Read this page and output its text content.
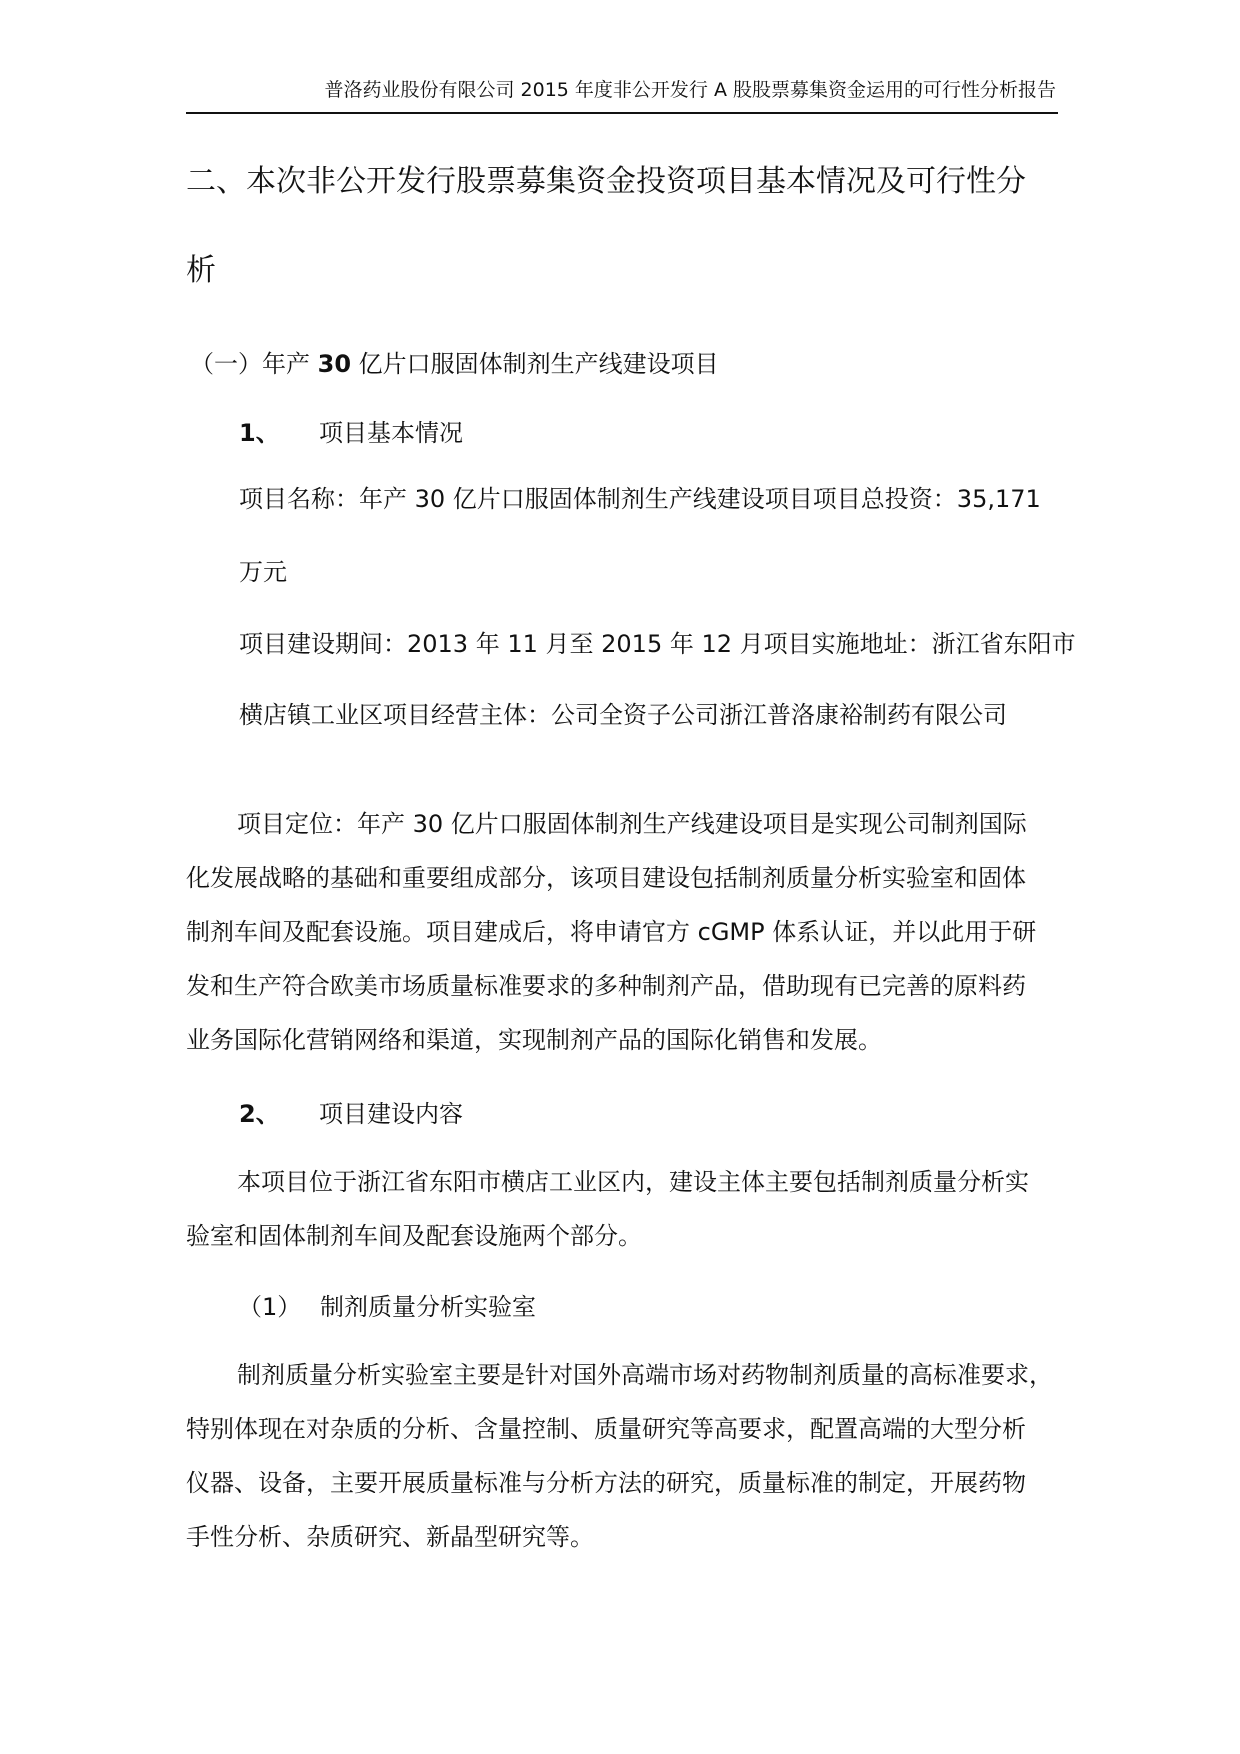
普洛药业股份有限公司 2015 年度非公开发行 A 股股票募集资金运用的可行性分析报告
二、本次非公开发行股票募集资金投资项目基本情况及可行性分
析
（一）年产 30 亿片口服固体制剂生产线建设项目
1、 项目基本情况
项目名称：年产 30 亿片口服固体制剂生产线建设项目项目总投资：35,171
万元
项目建设期间：2013 年 11 月至 2015 年 12 月项目实施地址：浙江省东阳市
横店镇工业区项目经营主体：公司全资子公司浙江普洛康裕制药有限公司
项目定位：年产 30 亿片口服固体制剂生产线建设项目是实现公司制剂国际
化发展战略的基础和重要组成部分，该项目建设包括制剂质量分析实验室和固体
制剂车间及配套设施。项目建成后，将申请官方 cGMP 体系认证，并以此用于研
发和生产符合欧美市场质量标准要求的多种制剂产品，借助现有已完善的原料药
业务国际化营销网络和渠道，实现制剂产品的国际化销售和发展。
2、 项目建设内容
本项目位于浙江省东阳市横店工业区内，建设主体主要包括制剂质量分析实
验室和固体制剂车间及配套设施两个部分。
（1） 制剂质量分析实验室
制剂质量分析实验室主要是针对国外高端市场对药物制剂质量的高标准要求，
特别体现在对杂质的分析、含量控制、质量研究等高要求，配置高端的大型分析
仪器、设备，主要开展质量标准与分析方法的研究，质量标准的制定，开展药物
手性分析、杂质研究、新晶型研究等。
